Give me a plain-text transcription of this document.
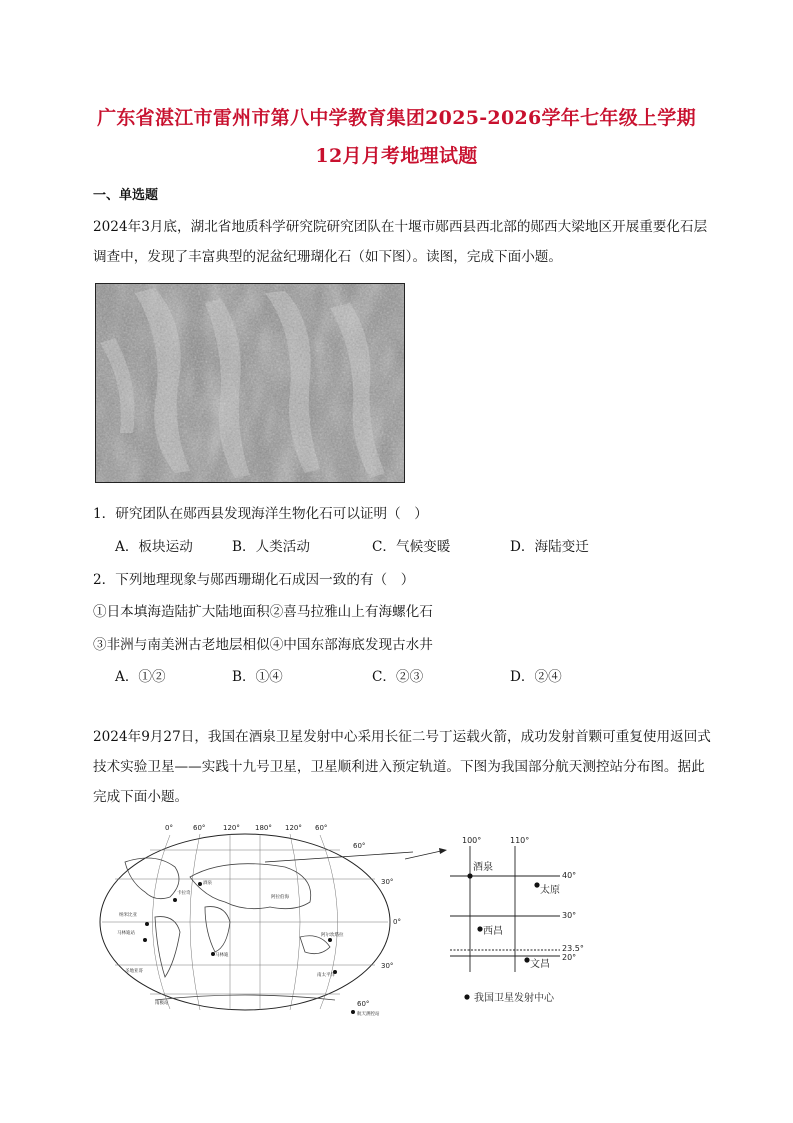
广东省湛江市雷州市第八中学教育集团2025-2026学年七年级上学期
12月月考地理试题
一、单选题
2024年3月底，湖北省地质科学研究院研究团队在十堰市郧西县西北部的郧西大梁地区开展重要化石层调查中，发现了丰富典型的泥盆纪珊瑚化石（如下图）。读图，完成下面小题。
1．研究团队在郧西县发现海洋生物化石可以证明（　）
A．板块运动	B．人类活动	C．气候变暖	D．海陆变迁
2．下列地理现象与郧西珊瑚化石成因一致的有（　）
①日本填海造陆扩大陆地面积②喜马拉雅山上有海螺化石
③非洲与南美洲古老地层相似④中国东部海底发现古水井
A．①②	B．①④	C．②③	D．②④
2024年9月27日，我国在酒泉卫星发射中心采用长征二号丁运载火箭，成功发射首颗可重复使用返回式技术实验卫星——实践十九号卫星，卫星顺利进入预定轨道。下图为我国部分航天测控站分布图。据此完成下面小题。
0°	60°	120° 180° 120° 60°
60°
30°
0°
30°
60°
酒泉
卡拉奇
阿拉伯海
纳米比亚
马林迪站
马林迪
阿尔坎塔拉
南太平洋
圣地亚哥
南极站
航天测控站
100°	110°
40°
30°
23.5°
20°
酒泉
太原
西昌
文昌
我国卫星发射中心
